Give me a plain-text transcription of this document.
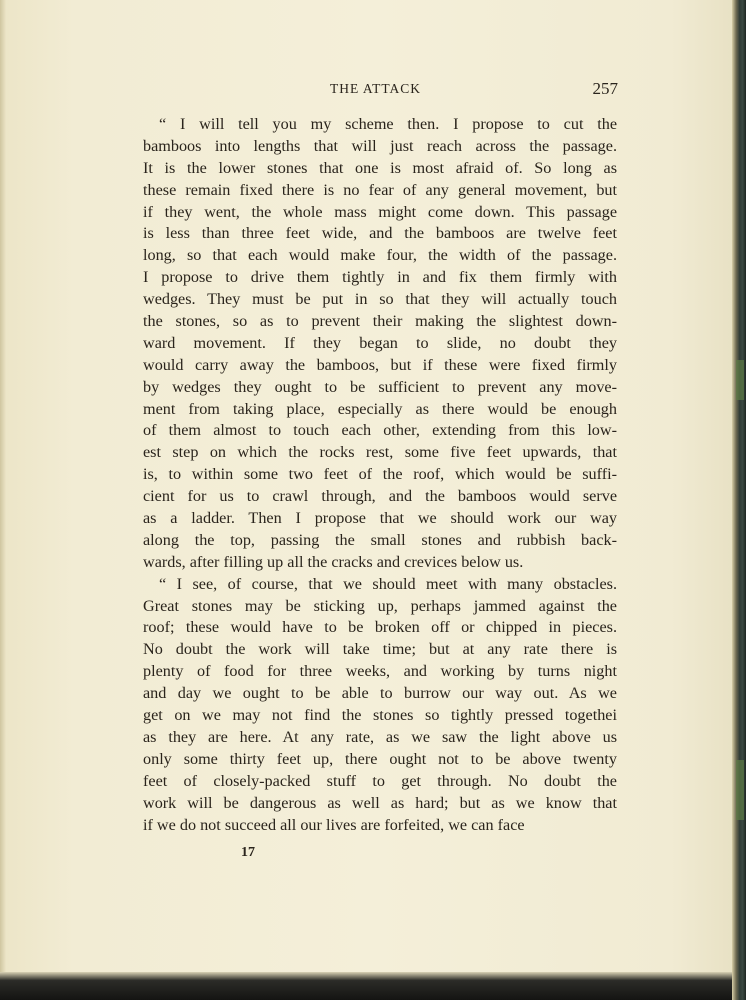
THE ATTACK	257
“ I will tell you my scheme then. I propose to cut the
bamboos into lengths that will just reach across the passage.
It is the lower stones that one is most afraid of. So long as
these remain fixed there is no fear of any general movement, but
if they went, the whole mass might come down. This passage
is less than three feet wide, and the bamboos are twelve feet
long, so that each would make four, the width of the passage.
I propose to drive them tightly in and fix them firmly with
wedges. They must be put in so that they will actually touch
the stones, so as to prevent their making the slightest down-
ward movement. If they began to slide, no doubt they
would carry away the bamboos, but if these were fixed firmly
by wedges they ought to be sufficient to prevent any move-
ment from taking place, especially as there would be enough
of them almost to touch each other, extending from this low-
est step on which the rocks rest, some five feet upwards, that
is, to within some two feet of the roof, which would be suffi-
cient for us to crawl through, and the bamboos would serve
as a ladder. Then I propose that we should work our way
along the top, passing the small stones and rubbish back-
wards, after filling up all the cracks and crevices below us.
“ I see, of course, that we should meet with many obstacles.
Great stones may be sticking up, perhaps jammed against the
roof; these would have to be broken off or chipped in pieces.
No doubt the work will take time; but at any rate there is
plenty of food for three weeks, and working by turns night
and day we ought to be able to burrow our way out. As we
get on we may not find the stones so tightly pressed togethei
as they are here. At any rate, as we saw the light above us
only some thirty feet up, there ought not to be above twenty
feet of closely-packed stuff to get through. No doubt the
work will be dangerous as well as hard; but as we know that
if we do not succeed all our lives are forfeited, we can face
17
